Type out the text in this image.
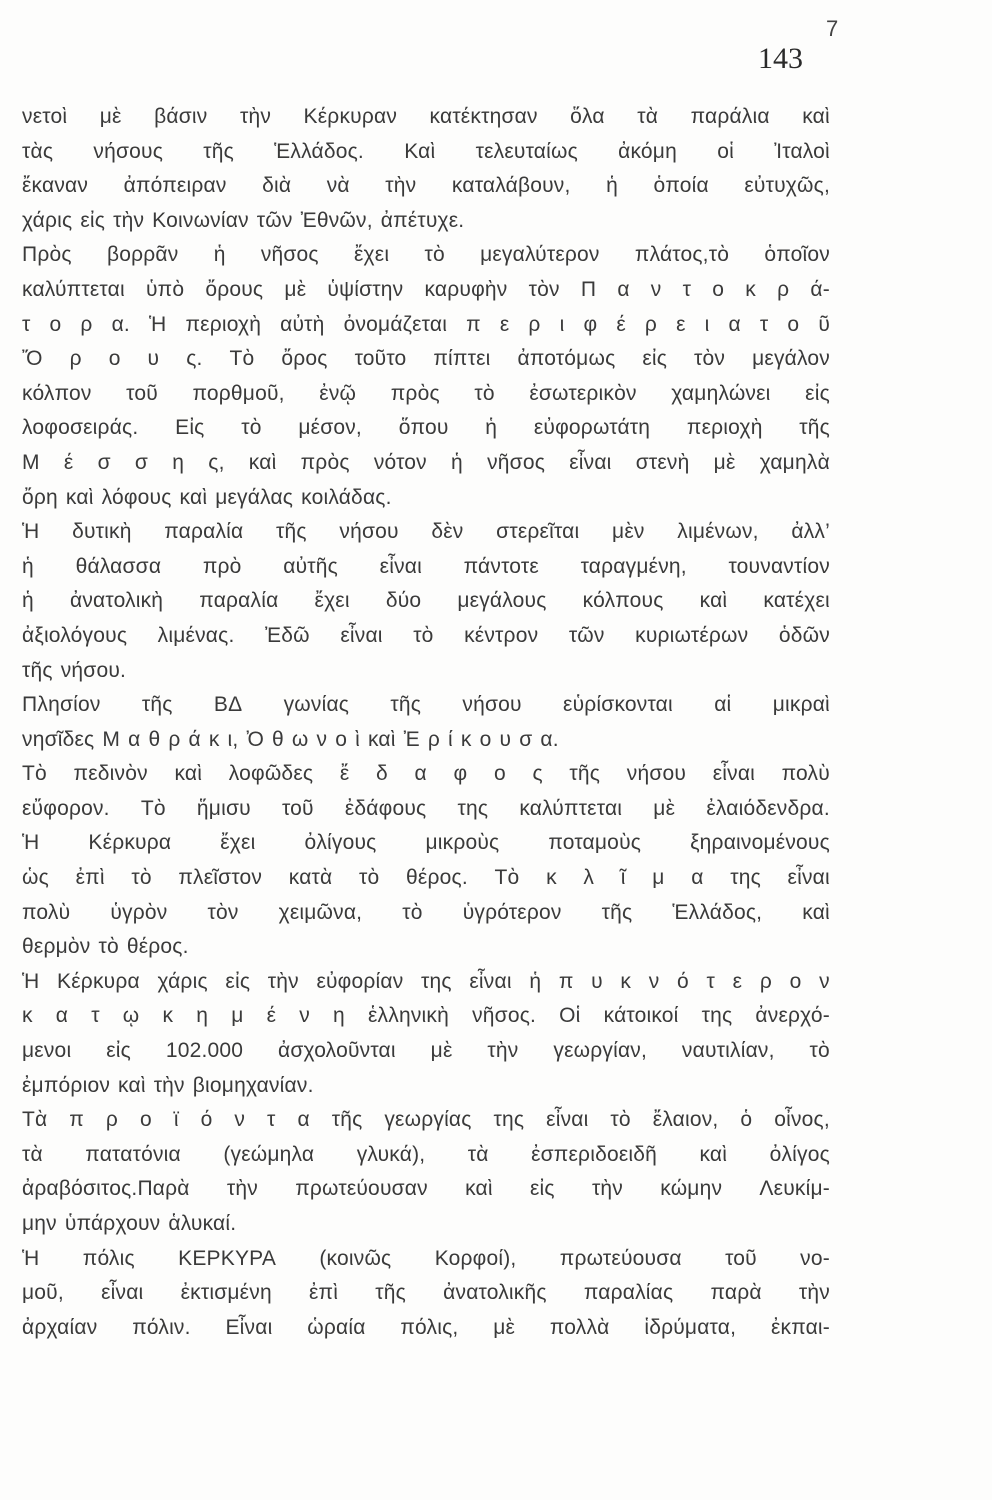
7
143
νετοὶ μὲ βάσιν τὴν Κέρκυραν κατέκτησαν ὅλα τὰ παράλια καὶ
τὰς νήσους τῆς Ἑλλάδος. Καὶ τελευταίως ἀκόμη οἱ Ἰταλοὶ
ἔκαναν ἀπόπειραν διὰ νὰ τὴν καταλάβουν, ἡ ὁποία εὐτυχῶς,
χάρις εἰς τὴν Κοινωνίαν τῶν Ἐθνῶν, ἀπέτυχε.
Πρὸς βορρᾶν ἡ νῆσος ἔχει τὸ μεγαλύτερον πλάτος,τὸ ὁποῖον
καλύπτεται ὑπὸ ὄρους μὲ ὑψίστην καρυφὴν τὸν Π α ν τ ο κ ρ ά-
τ ο ρ α. Ἡ περιοχὴ αὐτὴ ὀνομάζεται π ε ρ ι φ έ ρ ε ι α τ ο ῦ
Ὄ ρ ο υ ς. Τὸ ὄρος τοῦτο πίπτει ἀποτόμως εἰς τὸν μεγάλον
κόλπον τοῦ πορθμοῦ, ἐνῷ πρὸς τὸ ἐσωτερικὸν χαμηλώνει εἰς
λοφοσειράς. Εἰς τὸ μέσον, ὅπου ἡ εὐφορωτάτη περιοχὴ τῆς
Μ έ σ σ η ς, καὶ πρὸς νότον ἡ νῆσος εἶναι στενὴ μὲ χαμηλὰ
ὄρη καὶ λόφους καὶ μεγάλας κοιλάδας.
Ἡ δυτικὴ παραλία τῆς νήσου δὲν στερεῖται μὲν λιμένων, ἀλλ’
ἡ θάλασσα πρὸ αὐτῆς εἶναι πάντοτε ταραγμένη, τουναντίον
ἡ ἀνατολικὴ παραλία ἔχει δύο μεγάλους κόλπους καὶ κατέχει
ἀξιολόγους λιμένας. Ἐδῶ εἶναι τὸ κέντρον τῶν κυριωτέρων ὁδῶν
τῆς νήσου.
Πλησίον τῆς ΒΔ γωνίας τῆς νήσου εὑρίσκονται αἱ μικραὶ
νησῖδες Μ α θ ρ ά κ ι, Ὀ θ ω ν ο ὶ καὶ Ἐ ρ ί κ ο υ σ α.
Τὸ πεδινὸν καὶ λοφῶδες ἔ δ α φ ο ς τῆς νήσου εἶναι πολὺ
εὔφορον. Τὸ ἥμισυ τοῦ ἐδάφους της καλύπτεται μὲ ἐλαιόδενδρα.
Ἡ Κέρκυρα ἔχει ὀλίγους μικροὺς ποταμοὺς ξηραινομένους
ὡς ἐπὶ τὸ πλεῖστον κατὰ τὸ θέρος. Τὸ κ λ ῖ μ α της εἶναι
πολὺ ὑγρὸν τὸν χειμῶνα, τὸ ὑγρότερον τῆς Ἑλλάδος, καὶ
θερμὸν τὸ θέρος.
Ἡ Κέρκυρα χάρις εἰς τὴν εὐφορίαν της εἶναι ἡ π υ κ ν ό τ ε ρ ο ν
κ α τ ῳ κ η μ έ ν η ἑλληνικὴ νῆσος. Οἱ κάτοικοί της ἀνερχό-
μενοι εἰς 102.000 ἀσχολοῦνται μὲ τὴν γεωργίαν, ναυτιλίαν, τὸ
ἐμπόριον καὶ τὴν βιομηχανίαν.
Τὰ π ρ ο ϊ ό ν τ α τῆς γεωργίας της εἶναι τὸ ἔλαιον, ὁ οἶνος,
τὰ πατατόνια (γεώμηλα γλυκά), τὰ ἐσπεριδοειδῆ καὶ ὀλίγος
ἀραβόσιτος.Παρὰ τὴν πρωτεύουσαν καὶ εἰς τὴν κώμην Λευκίμ-
μην ὑπάρχουν ἁλυκαί.
Ἡ πόλις ΚΕΡΚΥΡΑ (κοινῶς Κορφοί), πρωτεύουσα τοῦ νο-
μοῦ, εἶναι ἐκτισμένη ἐπὶ τῆς ἀνατολικῆς παραλίας παρὰ τὴν
ἀρχαίαν πόλιν. Εἶναι ὡραία πόλις, μὲ πολλὰ ἱδρύματα, ἐκπαι-
